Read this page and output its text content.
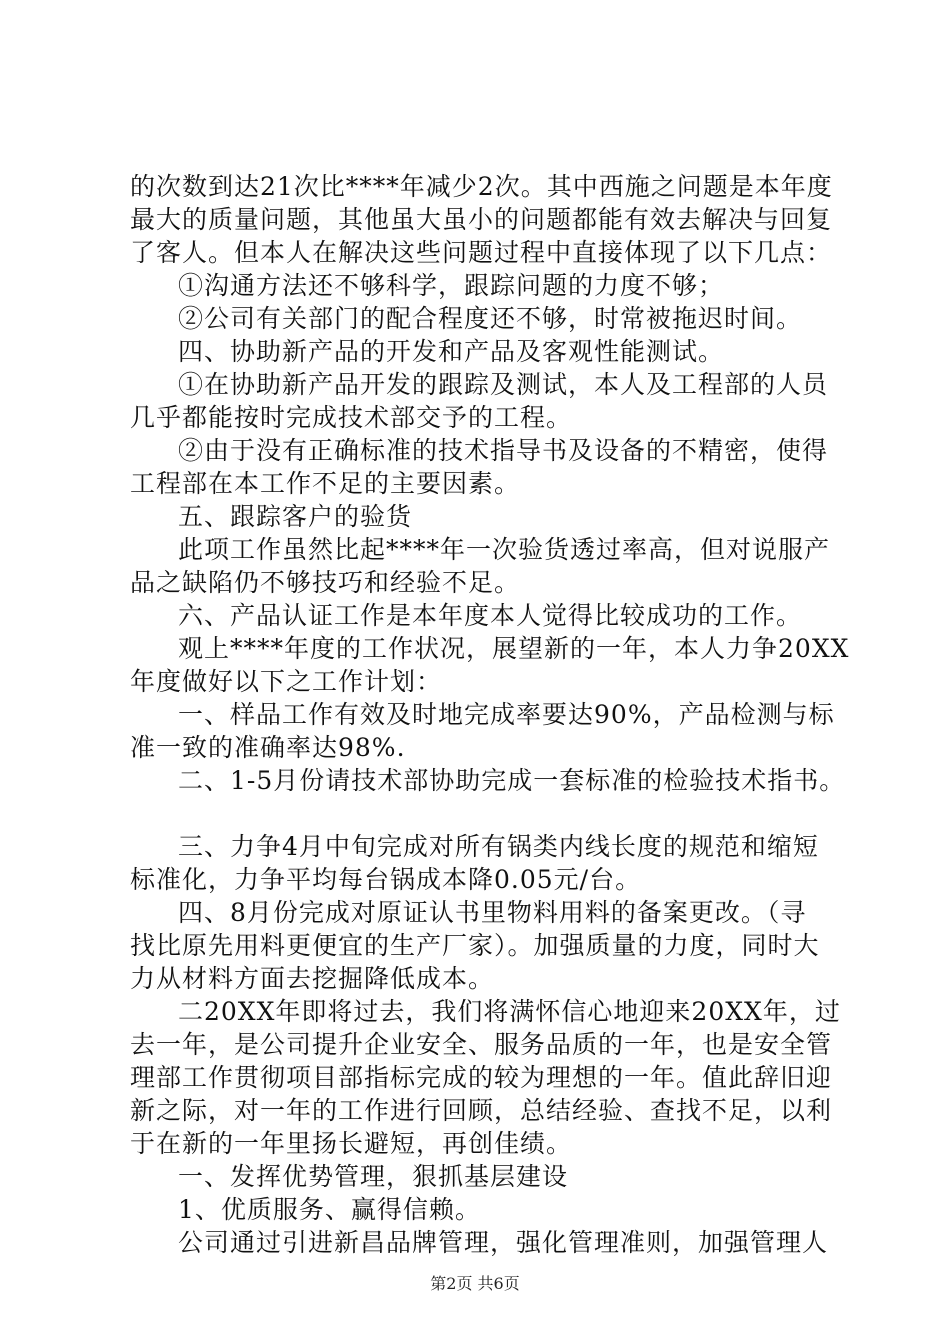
的次数到达21次比****年减少2次。其中西施之问题是本年度
最大的质量问题，其他虽大虽小的问题都能有效去解决与回复
了客人。但本人在解决这些问题过程中直接体现了以下几点：
①沟通方法还不够科学，跟踪问题的力度不够；
②公司有关部门的配合程度还不够，时常被拖迟时间。
四、协助新产品的开发和产品及客观性能测试。
①在协助新产品开发的跟踪及测试，本人及工程部的人员
几乎都能按时完成技术部交予的工程。
②由于没有正确标准的技术指导书及设备的不精密，使得
工程部在本工作不足的主要因素。
五、跟踪客户的验货
此项工作虽然比起****年一次验货透过率高，但对说服产
品之缺陷仍不够技巧和经验不足。
六、产品认证工作是本年度本人觉得比较成功的工作。
观上****年度的工作状况，展望新的一年，本人力争20XX
年度做好以下之工作计划：
一、样品工作有效及时地完成率要达90%，产品检测与标
准一致的准确率达98%.
二、1-5月份请技术部协助完成一套标准的检验技术指书。
三、力争4月中旬完成对所有锅类内线长度的规范和缩短
标准化，力争平均每台锅成本降0.05元/台。
四、8月份完成对原证认书里物料用料的备案更改。（寻
找比原先用料更便宜的生产厂家）。加强质量的力度，同时大
力从材料方面去挖掘降低成本。
二20XX年即将过去，我们将满怀信心地迎来20XX年，过
去一年，是公司提升企业安全、服务品质的一年，也是安全管
理部工作贯彻项目部指标完成的较为理想的一年。值此辞旧迎
新之际，对一年的工作进行回顾，总结经验、查找不足，以利
于在新的一年里扬长避短，再创佳绩。
一、发挥优势管理，狠抓基层建设
1、优质服务、赢得信赖。
公司通过引进新昌品牌管理，强化管理准则，加强管理人
第2页 共6页
